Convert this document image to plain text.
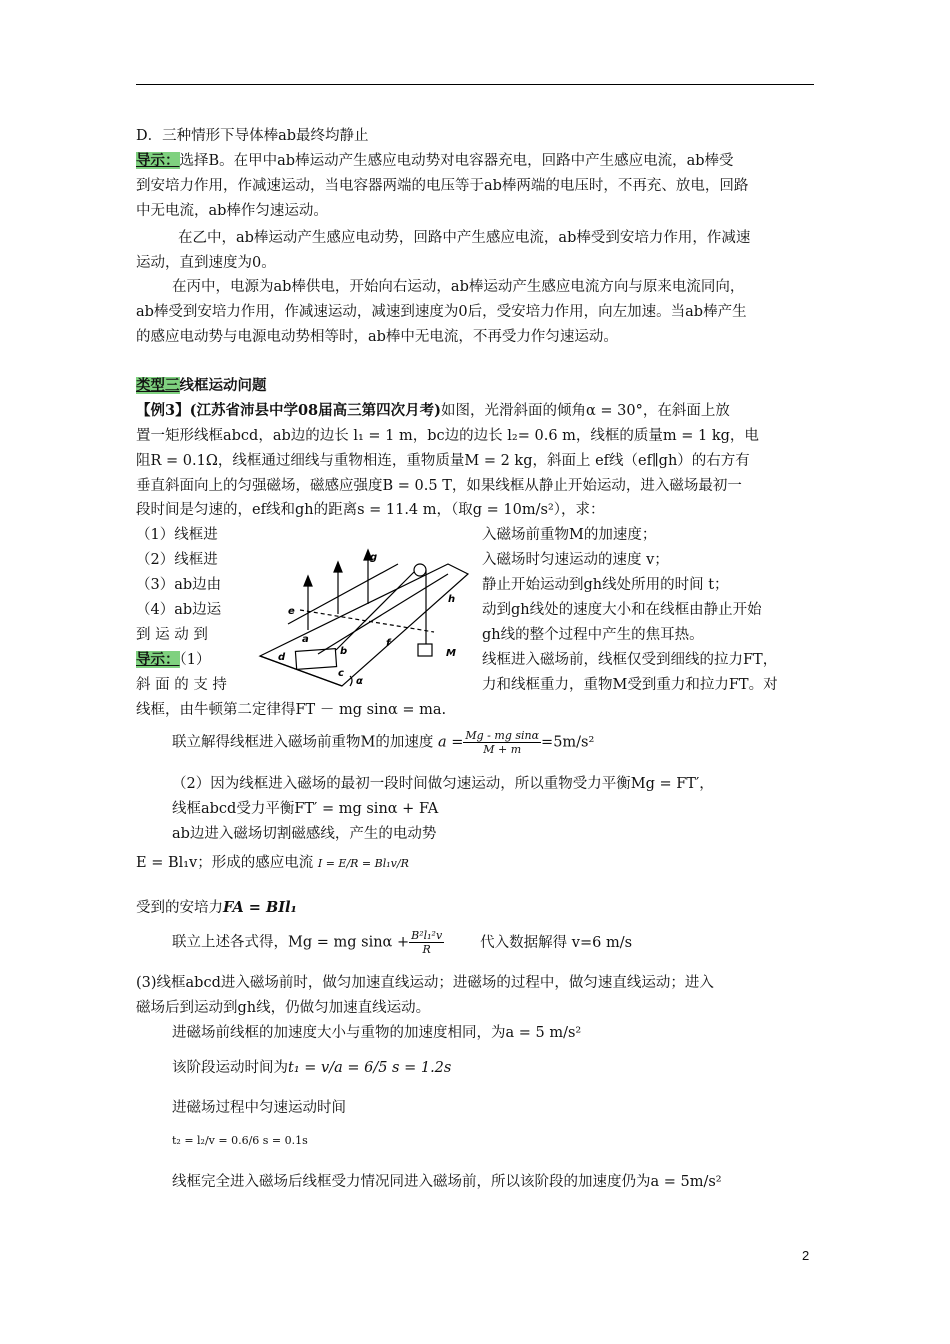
D．三种情形下导体棒ab最终均静止
导示：选择B。在甲中ab棒运动产生感应电动势对电容器充电，回路中产生感应电流，ab棒受
到安培力作用，作减速运动，当电容器两端的电压等于ab棒两端的电压时，不再充、放电，回路
中无电流，ab棒作匀速运动。
在乙中，ab棒运动产生感应电动势，回路中产生感应电流，ab棒受到安培力作用，作减速
运动，直到速度为0。
在丙中，电源为ab棒供电，开始向右运动，ab棒运动产生感应电流方向与原来电流同向，
ab棒受到安培力作用，作减速运动，减速到速度为0后，受安培力作用，向左加速。当ab棒产生
的感应电动势与电源电动势相等时，ab棒中无电流，不再受力作匀速运动。
类型三线框运动问题
【例3】(江苏省沛县中学08届高三第四次月考)如图，光滑斜面的倾角α = 30°，在斜面上放
置一矩形线框abcd，ab边的边长 l₁ = 1 m，bc边的边长 l₂= 0.6 m，线框的质量m = 1 kg，电
阻R = 0.1Ω，线框通过细线与重物相连，重物质量M = 2 kg，斜面上 ef线（ef∥gh）的右方有
垂直斜面向上的匀强磁场，磁感应强度B = 0.5 T，如果线框从静止开始运动，进入磁场最初一
段时间是匀速的，ef线和gh的距离s = 11.4 m，（取g = 10m/s²），求：
（1）线框进	入磁场前重物M的加速度；
（2）线框进	入磁场时匀速运动的速度 v；
（3）ab边由	静止开始运动到gh线处所用的时间 t；
（4）ab边运	动到gh线处的速度大小和在线框由静止开始
到 运 动 到	gh线的整个过程中产生的焦耳热。
导示：（1）	线框进入磁场前，线框仅受到细线的拉力FT，
斜 面 的 支 持	力和线框重力，重物M受到重力和拉力FT。对
线框，由牛顿第二定律得FT － mg sinα = ma.
联立解得线框进入磁场前重物M的加速度 $a = \frac{\text{Mg - mg sinα}}{M + m} =5m/s^2$
（2）因为线框进入磁场的最初一段时间做匀速运动，所以重物受力平衡Mg = FT′，
线框abcd受力平衡FT′ = mg sinα + FA
ab边进入磁场切割磁感线，产生的电动势
E = Bl₁v；形成的感应电流 I = E/R = Bl₁v/R
受到的安培力FA = BIl₁
联立上述各式得，Mg = mg $\sin\alpha + \frac{\text{B²l₁²v}}{R}$ 代入数据解得 v=6 m/s
(3)线框abcd进入磁场前时，做匀加速直线运动；进磁场的过程中，做匀速直线运动；进入
磁场后到运动到gh线，仍做匀加速直线运动。
进磁场前线框的加速度大小与重物的加速度相同，为a = 5 m/s²
该阶段运动时间为t₁ = v/a = 6/5 s = 1.2s
进磁场过程中匀速运动时间
t₂ = l₂/v = 0.6/6 s = 0.1s
线框完全进入磁场后线框受力情况同进入磁场前，所以该阶段的加速度仍为a = 5m/s²
g
h
e
f
a
b
d
c
M
α
2
